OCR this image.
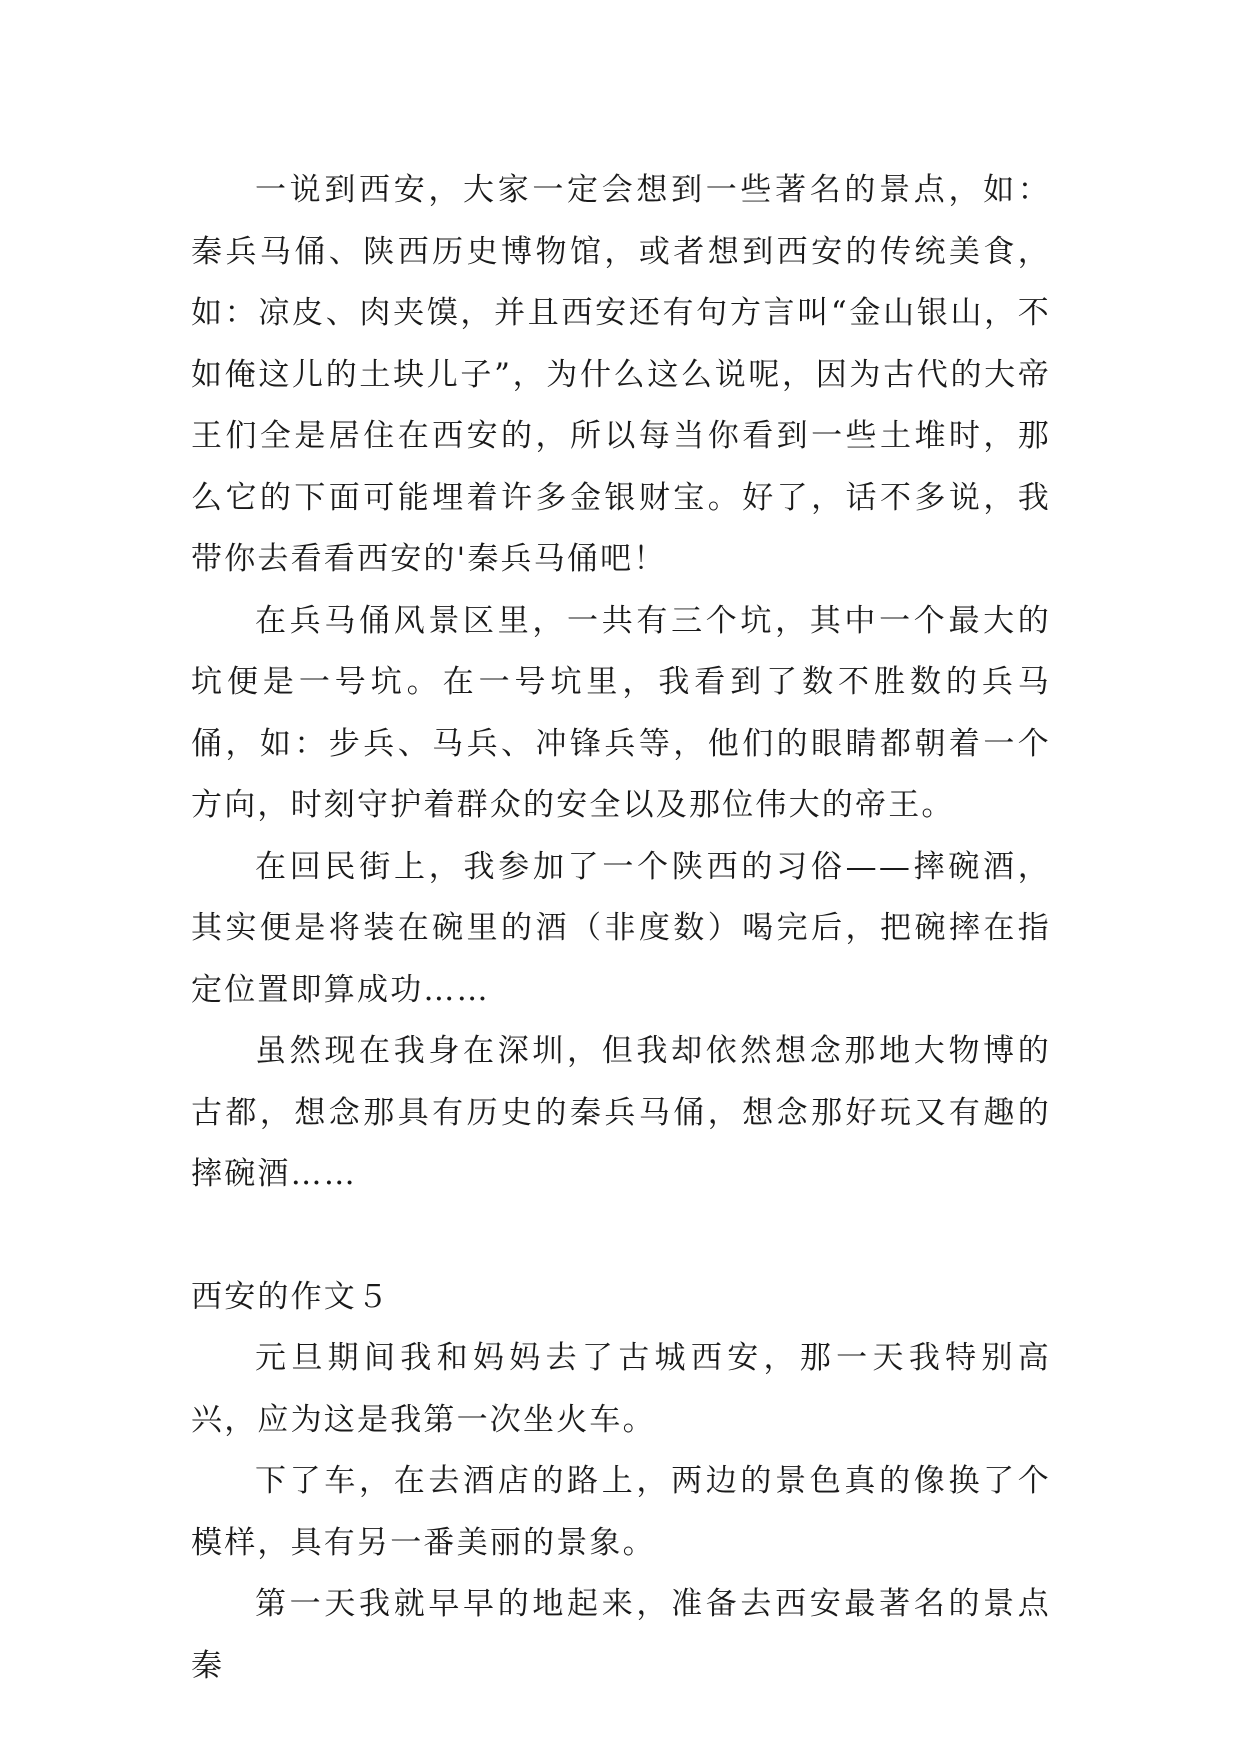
一说到西安，大家一定会想到一些著名的景点，如：秦兵马俑、陕西历史博物馆，或者想到西安的传统美食，如：凉皮、肉夹馍，并且西安还有句方言叫“金山银山，不如俺这儿的土块儿子”，为什么这么说呢，因为古代的大帝王们全是居住在西安的，所以每当你看到一些土堆时，那么它的下面可能埋着许多金银财宝。好了，话不多说，我带你去看看西安的'秦兵马俑吧！

在兵马俑风景区里，一共有三个坑，其中一个最大的坑便是一号坑。在一号坑里，我看到了数不胜数的兵马俑，如：步兵、马兵、冲锋兵等，他们的眼睛都朝着一个方向，时刻守护着群众的安全以及那位伟大的帝王。

在回民街上，我参加了一个陕西的习俗——摔碗酒，其实便是将装在碗里的酒（非度数）喝完后，把碗摔在指定位置即算成功……

虽然现在我身在深圳，但我却依然想念那地大物博的古都，想念那具有历史的秦兵马俑，想念那好玩又有趣的摔碗酒……

西安的作文５

元旦期间我和妈妈去了古城西安，那一天我特别高兴，应为这是我第一次坐火车。

下了车，在去酒店的路上，两边的景色真的像换了个模样，具有另一番美丽的景象。

第一天我就早早的地起来，准备去西安最著名的景点秦
